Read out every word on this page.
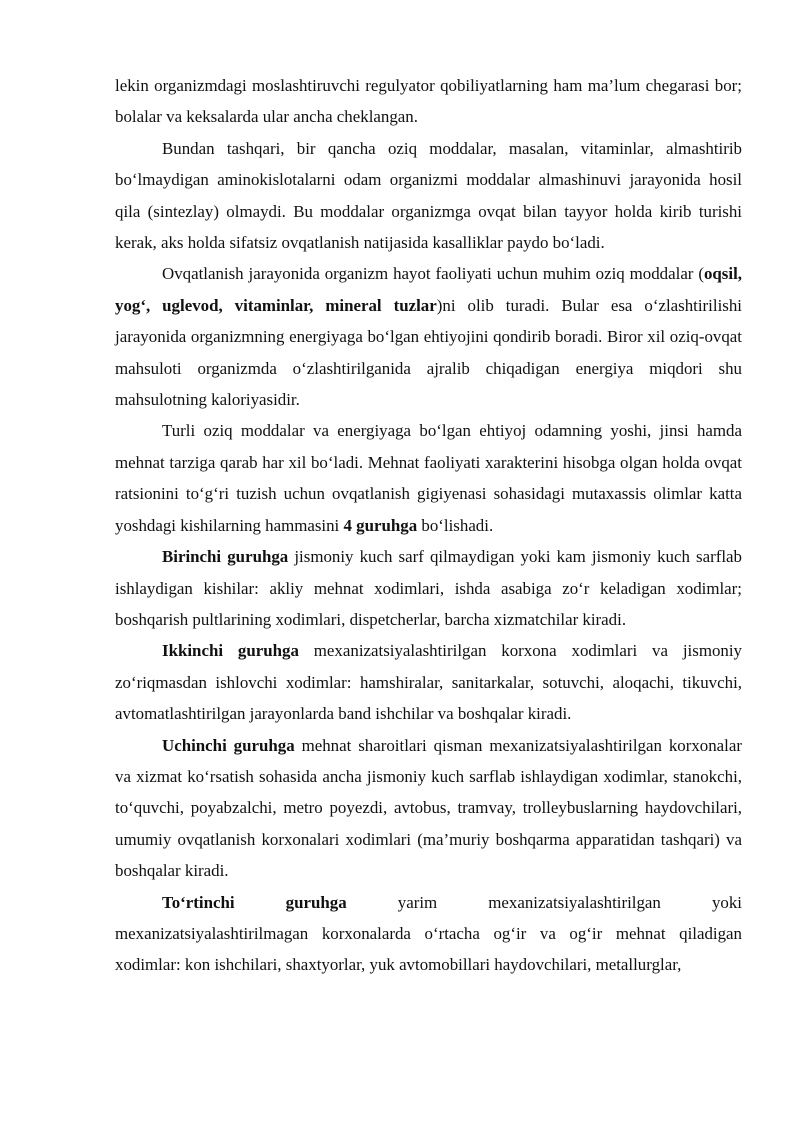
lekin organizmdagi moslashtiruvchi regulyator qobiliyatlarning ham ma’lum chegarasi bor; bolalar va keksalarda ular ancha cheklangan.

Bundan tashqari, bir qancha oziq moddalar, masalan, vitaminlar, almashtirib bo‘lmaydigan aminokislotalarni odam organizmi moddalar almashinuvi jarayonida hosil qila (sintezlay) olmaydi. Bu moddalar organizmga ovqat bilan tayyor holda kirib turishi kerak, aks holda sifatsiz ovqatlanish natijasida kasalliklar paydo bo‘ladi.

Ovqatlanish jarayonida organizm hayot faoliyati uchun muhim oziq moddalar (oqsil, yog‘, uglevod, vitaminlar, mineral tuzlar)ni olib turadi. Bular esa o‘zlashtirilishi jarayonida organizmning energiyaga bo‘lgan ehtiyojini qondirib boradi. Biror xil oziq-ovqat mahsuloti organizmda o‘zlashtirilganida ajralib chiqadigan energiya miqdori shu mahsulotning kaloriyasidir.

Turli oziq moddalar va energiyaga bo‘lgan ehtiyoj odamning yoshi, jinsi hamda mehnat tarziga qarab har xil bo‘ladi. Mehnat faoliyati xarakterini hisobga olgan holda ovqat ratsionini to‘g‘ri tuzish uchun ovqatlanish gigiyenasi sohasidagi mutaxassis olimlar katta yoshdagi kishilarning hammasini 4 guruhga bo‘lishadi.

Birinchi guruhga jismoniy kuch sarf qilmaydigan yoki kam jismoniy kuch sarflab ishlaydigan kishilar: akliy mehnat xodimlari, ishda asabiga zo‘r keladigan xodimlar; boshqarish pultlarining xodimlari, dispetcherlar, barcha xizmatchilar kiradi.

Ikkinchi guruhga mexanizatsiyalashtirilgan korxona xodimlari va jismoniy zo‘riqmasdan ishlovchi xodimlar: hamshiralar, sanitarkalar, sotuvchi, aloqachi, tikuvchi, avtomatlashtirilgan jarayonlarda band ishchilar va boshqalar kiradi.

Uchinchi guruhga mehnat sharoitlari qisman mexanizatsiyalashtirilgan korxonalar va xizmat ko‘rsatish sohasida ancha jismoniy kuch sarflab ishlaydigan xodimlar, stanokchi, to‘quvchi, poyabzalchi, metro poyezdi, avtobus, tramvay, trolleybuslarning haydovchilari, umumiy ovqatlanish korxonalari xodimlari (ma’muriy boshqarma apparatidan tashqari) va boshqalar kiradi.

To‘rtinchi guruhga yarim mexanizatsiyalashtirilgan yoki mexanizatsiyalashtirilmagan korxonalarda o‘rtacha og‘ir va og‘ir mehnat qiladigan xodimlar: kon ishchilari, shaxtyorlar, yuk avtomobillari haydovchilari, metallurglar,
